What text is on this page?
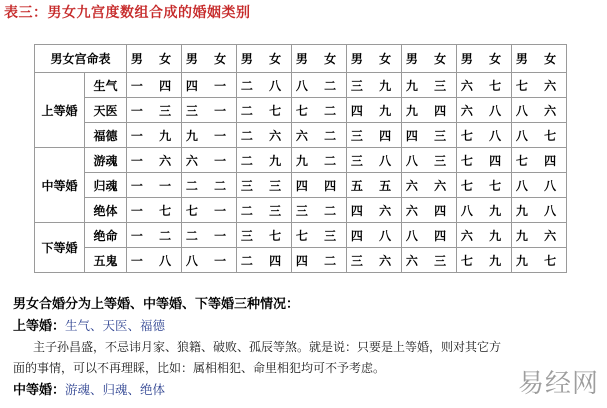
表三：男女九宫度数组合成的婚姻类别
男女宫命表		男 女	男 女	男 女	男 女	男 女	男 女	男 女	男 女
上等婚	生气	一 四	四 一	二 八	八 二	三 九	九 三	六 七	七 六
	天医	一 三	三 一	二 七	七 二	四 九	九 四	六 八	八 六
	福德	一 九	九 一	二 六	六 二	三 四	四 三	七 八	八 七
中等婚	游魂	一 六	六 一	二 九	九 二	三 八	八 三	七 四	七 四
	归魂	一 一	二 二	三 三	四 四	五 五	六 六	七 七	八 八
	绝体	一 七	七 一	二 三	三 二	四 六	六 四	八 九	九 八
下等婚	绝命	一 二	二 一	三 七	七 三	四 八	八 四	六 九	九 六
	五鬼	一 八	八 一	二 四	四 二	三 六	六 三	七 九	九 七
男女合婚分为上等婚、中等婚、下等婚三种情况：
上等婚：生气、天医、福德
主子孙昌盛，不忌讳月家、狼籍、破败、孤辰等煞。就是说：只要是上等婚，则对其它方
面的事情，可以不再理睬，比如：属相相犯、命里相犯均可不予考虑。
中等婚：游魂、归魂、绝体	易经网
